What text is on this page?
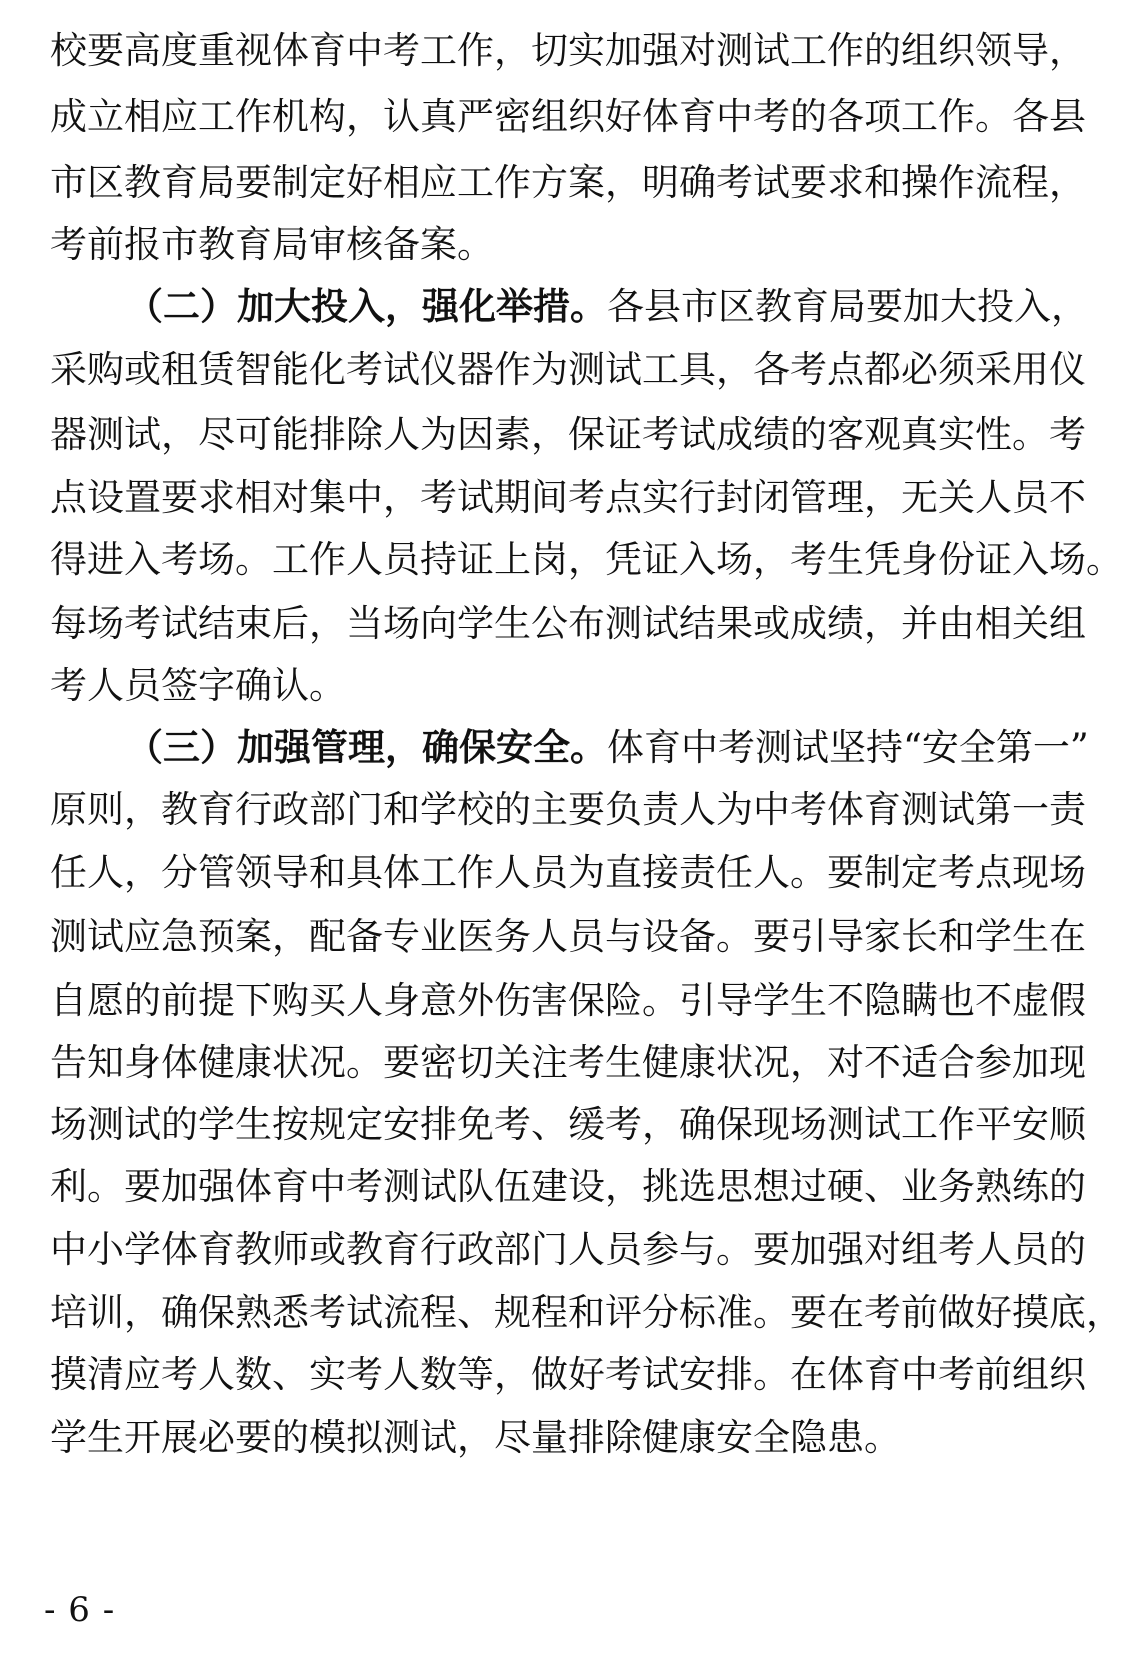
校要高度重视体育中考工作，切实加强对测试工作的组织领导，
成立相应工作机构，认真严密组织好体育中考的各项工作。各县
市区教育局要制定好相应工作方案，明确考试要求和操作流程，
考前报市教育局审核备案。
（二）加大投入，强化举措。各县市区教育局要加大投入，
采购或租赁智能化考试仪器作为测试工具，各考点都必须采用仪
器测试，尽可能排除人为因素，保证考试成绩的客观真实性。考
点设置要求相对集中，考试期间考点实行封闭管理，无关人员不
得进入考场。工作人员持证上岗，凭证入场，考生凭身份证入场。
每场考试结束后，当场向学生公布测试结果或成绩，并由相关组
考人员签字确认。
（三）加强管理，确保安全。体育中考测试坚持“安全第一”
原则，教育行政部门和学校的主要负责人为中考体育测试第一责
任人，分管领导和具体工作人员为直接责任人。要制定考点现场
测试应急预案，配备专业医务人员与设备。要引导家长和学生在
自愿的前提下购买人身意外伤害保险。引导学生不隐瞒也不虚假
告知身体健康状况。要密切关注考生健康状况，对不适合参加现
场测试的学生按规定安排免考、缓考，确保现场测试工作平安顺
利。要加强体育中考测试队伍建设，挑选思想过硬、业务熟练的
中小学体育教师或教育行政部门人员参与。要加强对组考人员的
培训，确保熟悉考试流程、规程和评分标准。要在考前做好摸底，
摸清应考人数、实考人数等，做好考试安排。在体育中考前组织
学生开展必要的模拟测试，尽量排除健康安全隐患。
- 6 -
